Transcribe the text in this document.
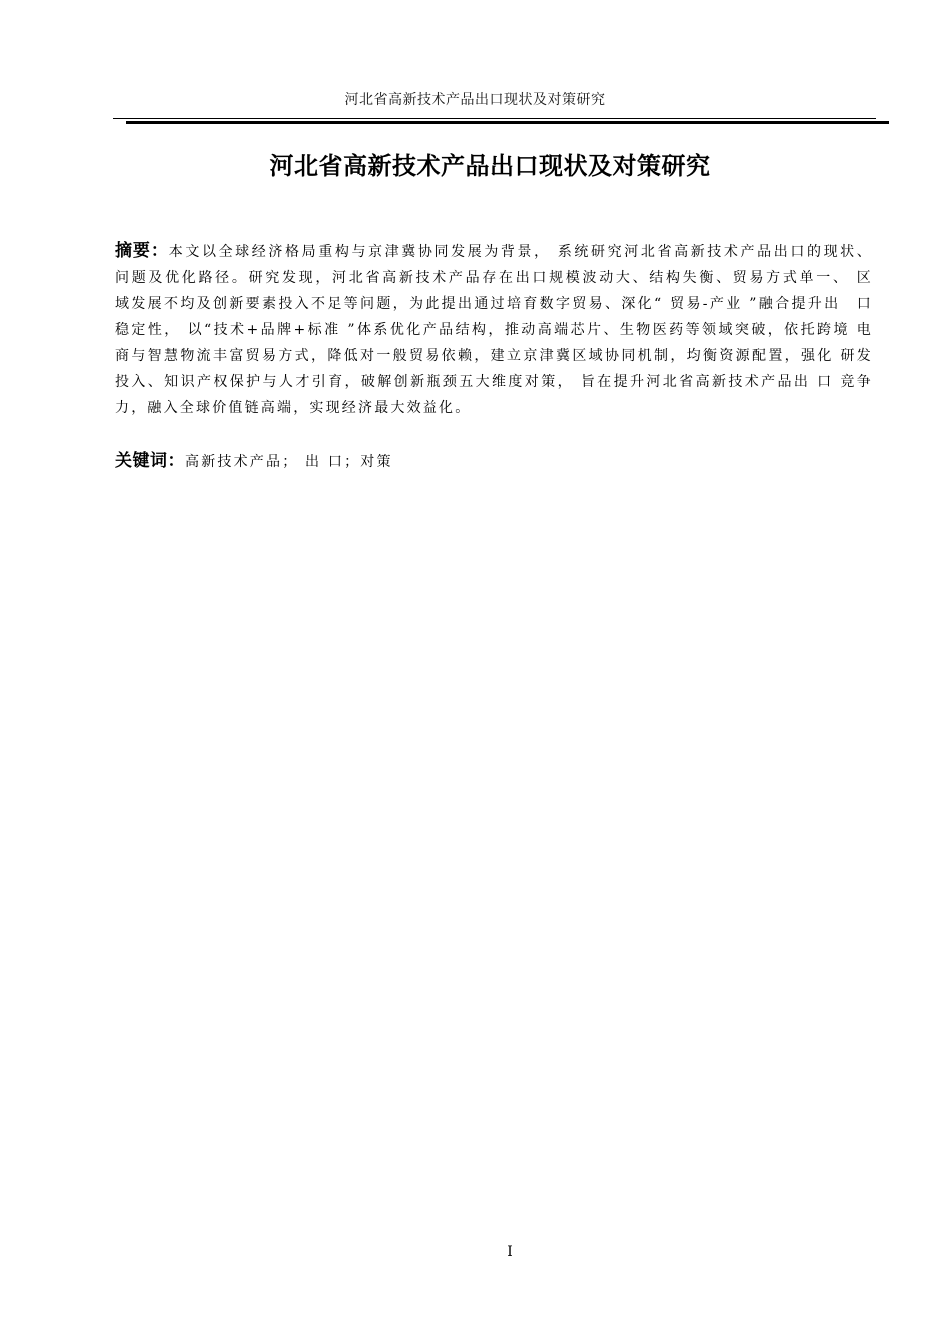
河北省高新技术产品出口现状及对策研究
河北省高新技术产品出口现状及对策研究

摘要：本文以全球经济格局重构与京津冀协同发展为背景， 系统研究河北省高新技术产品出口的现状、 问题及优化路径。研究发现，河北省高新技术产品存在出口规模波动大、结构失衡、贸易方式单一、 区 域发展不均及创新要素投入不足等问题，为此提出通过培育数字贸易、深化“ 贸易-产业 ”融合提升出　口稳定性， 以“技术+品牌+标准 ”体系优化产品结构，推动高端芯片、生物医药等领域突破，依托跨境 电商与智慧物流丰富贸易方式，降低对一般贸易依赖，建立京津冀区域协同机制，均衡资源配置，强化 研发投入、知识产权保护与人才引育，破解创新瓶颈五大维度对策， 旨在提升河北省高新技术产品出 口 竞争力，融入全球价值链高端，实现经济最大效益化。

关键词：高新技术产品； 出 口；对策

I
